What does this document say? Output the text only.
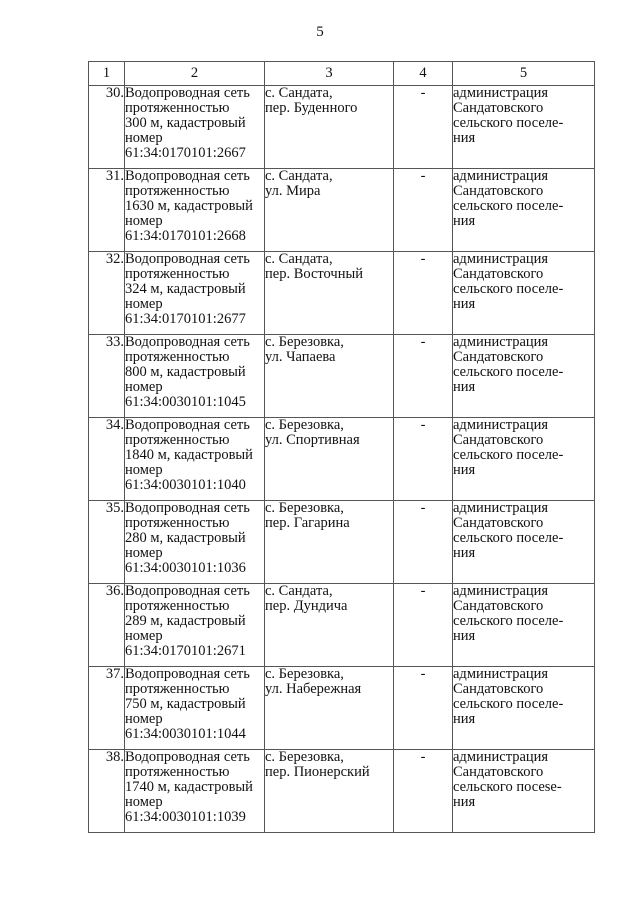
5
1	2	3	4	5
30.	Водопроводная сеть
протяженностью
300 м, кадастровый
номер
61:34:0170101:2667	с. Сандата,
пер. Буденного	-	администрация
Сандатовского
сельского поселе-
ния

31.	Водопроводная сеть
протяженностью
1630 м, кадастровый
номер
61:34:0170101:2668	с. Сандата,
ул. Мира	-	администрация
Сандатовского
сельского поселе-
ния

32.	Водопроводная сеть
протяженностью
324 м, кадастровый
номер
61:34:0170101:2677	с. Сандата,
пер. Восточный	-	администрация
Сандатовского
сельского поселе-
ния

33.	Водопроводная сеть
протяженностью
800 м, кадастровый
номер
61:34:0030101:1045	с. Березовка,
ул. Чапаева	-	администрация
Сандатовского
сельского поселе-
ния

34.	Водопроводная сеть
протяженностью
1840 м, кадастровый
номер
61:34:0030101:1040	с. Березовка,
ул. Спортивная	-	администрация
Сандатовского
сельского поселе-
ния

35.	Водопроводная сеть
протяженностью
280 м, кадастровый
номер
61:34:0030101:1036	с. Березовка,
пер. Гагарина	-	администрация
Сандатовского
сельского поселе-
ния

36.	Водопроводная сеть
протяженностью
289 м, кадастровый
номер
61:34:0170101:2671	с. Сандата,
пер. Дундича	-	администрация
Сандатовского
сельского поселе-
ния

37.	Водопроводная сеть
протяженностью
750 м, кадастровый
номер
61:34:0030101:1044	с. Березовка,
ул. Набережная	-	администрация
Сандатовского
сельского поселе-
ния

38.	Водопроводная сеть
протяженностью
1740 м, кадастровый
номер
61:34:0030101:1039	с. Березовка,
пер. Пионерский	-	администрация
Сандатовского
сельского посеse-
ния
